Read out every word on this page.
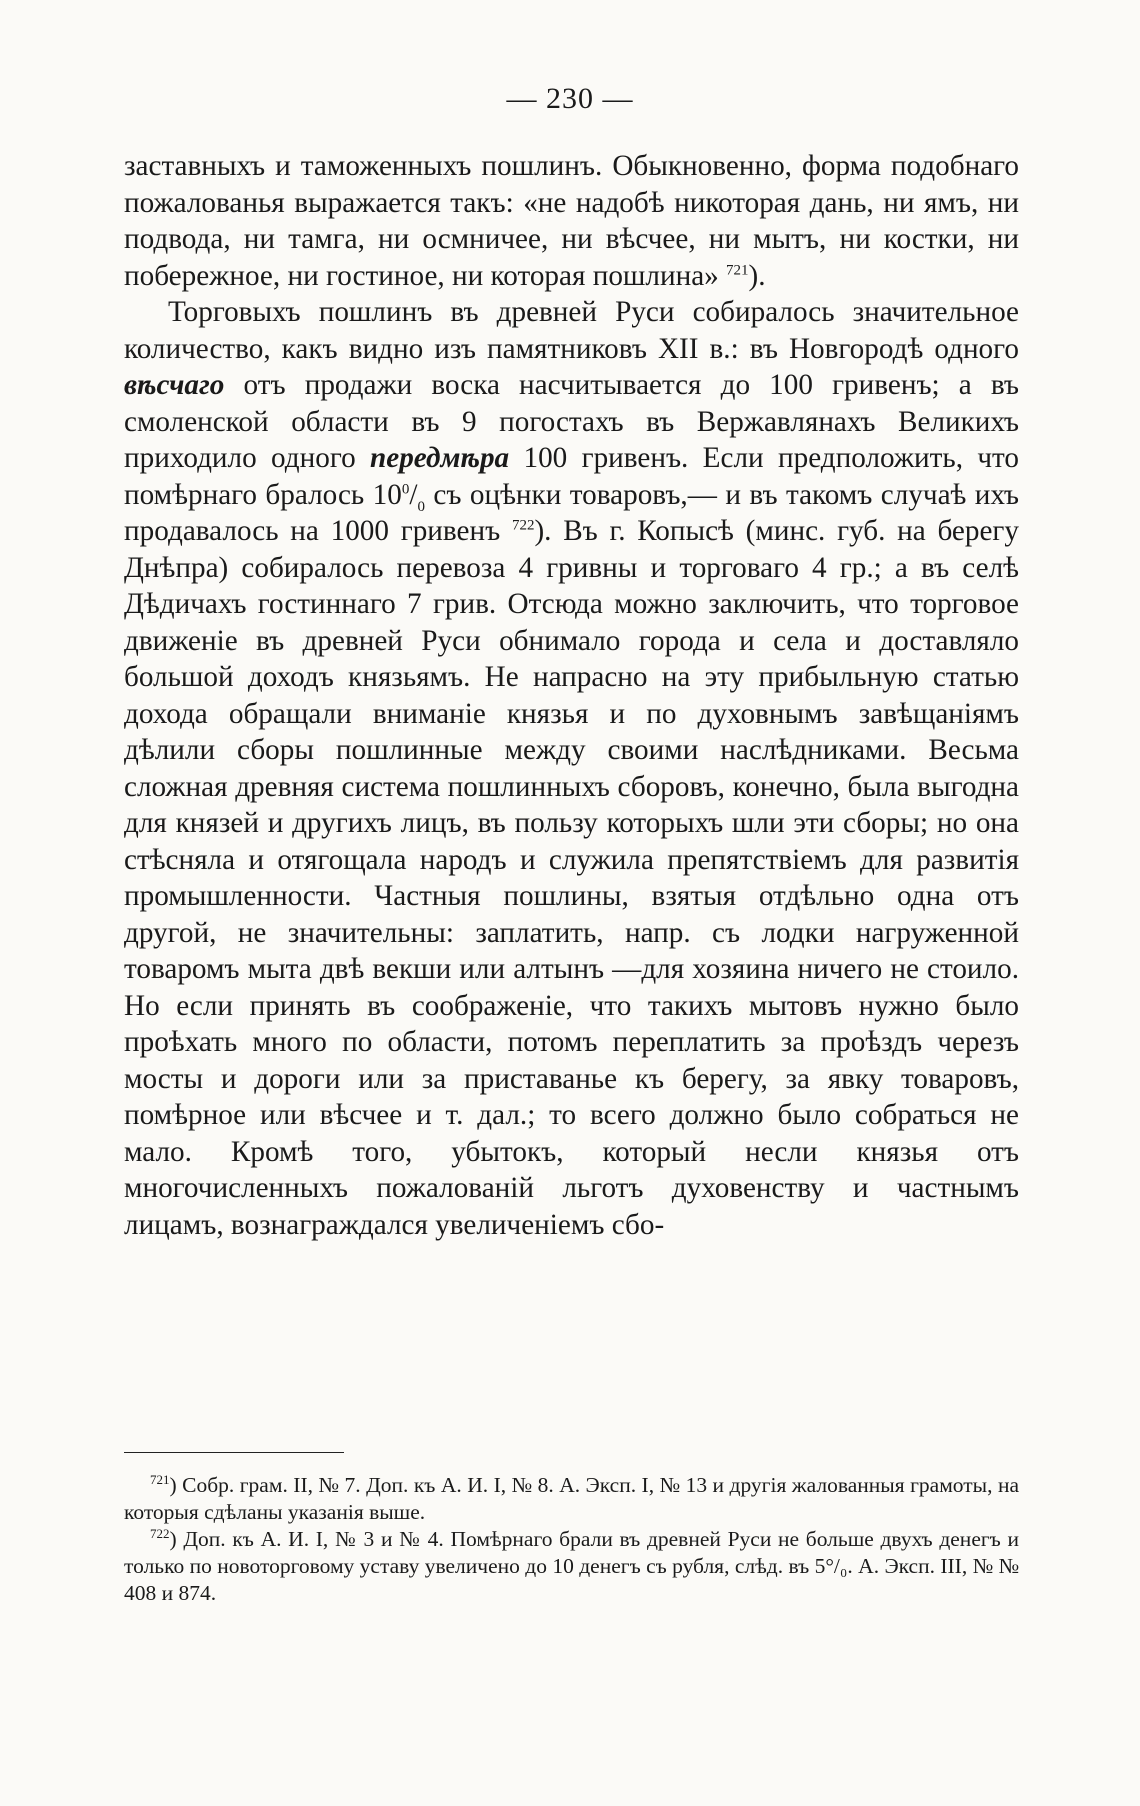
— 230 —

заставныхъ и таможенныхъ пошлинъ. Обыкновенно, форма подобнаго пожалованья выражается такъ: «не надобѣ никоторая дань, ни ямъ, ни подвода, ни тамга, ни осмничее, ни вѣсчее, ни мытъ, ни костки, ни побережное, ни гостиное, ни которая пошлина» $^{721}$).

Торговыхъ пошлинъ въ древней Руси собиралось значительное количество, какъ видно изъ памятниковъ XII в.: въ Новгородѣ одного вѣсчаго отъ продажи воска насчитывается до 100 гривенъ; а въ смоленской области въ 9 погостахъ въ Вержавлянахъ Великихъ приходило одного передмѣра 100 гривенъ. Если предположить, что помѣрнаго бралось $10^0/_0$ съ оцѣнки товаровъ,— и въ такомъ случаѣ ихъ продавалось на 1000 гривенъ $^{722}$). Въ г. Копысѣ (минс. губ. на берегу Днѣпра) собиралось перевоза 4 гривны и торговаго 4 гр.; а въ селѣ Дѣдичахъ гостиннаго 7 грив. Отсюда можно заключить, что торговое движеніе въ древней Руси обнимало города и села и доставляло большой доходъ князьямъ. Не напрасно на эту прибыльную статью дохода обращали вниманіе князья и по духовнымъ завѣщаніямъ дѣлили сборы пошлинные между своими наслѣдниками. Весьма сложная древняя система пошлинныхъ сборовъ, конечно, была выгодна для князей и другихъ лицъ, въ пользу которыхъ шли эти сборы; но она стѣсняла и отягощала народъ и служила препятствіемъ для развитія промышленности. Частныя пошлины, взятыя отдѣльно одна отъ другой, не значительны: заплатить, напр. съ лодки нагруженной товаромъ мыта двѣ векши или алтынъ —для хозяина ничего не стоило. Но если принять въ соображеніе, что такихъ мытовъ нужно было проѣхать много по области, потомъ переплатить за проѣздъ черезъ мосты и дороги или за приставанье къ берегу, за явку товаровъ, помѣрное или вѣсчее и т. дал.; то всего должно было собраться не мало. Кромѣ того, убытокъ, который несли князья отъ многочисленныхъ пожалованій льготъ духовенству и частнымъ лицамъ, вознаграждался увеличеніемъ сбо-

$^{721}$) Собр. грам. II, № 7. Доп. къ А. И. I, № 8. А. Эксп. I, № 13 и другія жалованныя грамоты, на которыя сдѣланы указанія выше.

$^{722}$) Доп. къ А. И. I, № 3 и № 4. Помѣрнаго брали въ древней Руси не больше двухъ денегъ и только по новоторговому уставу увеличено до 10 денегъ съ рубля, слѣд. въ 5°/₀. А. Эксп. III, № № 408 и 874.
